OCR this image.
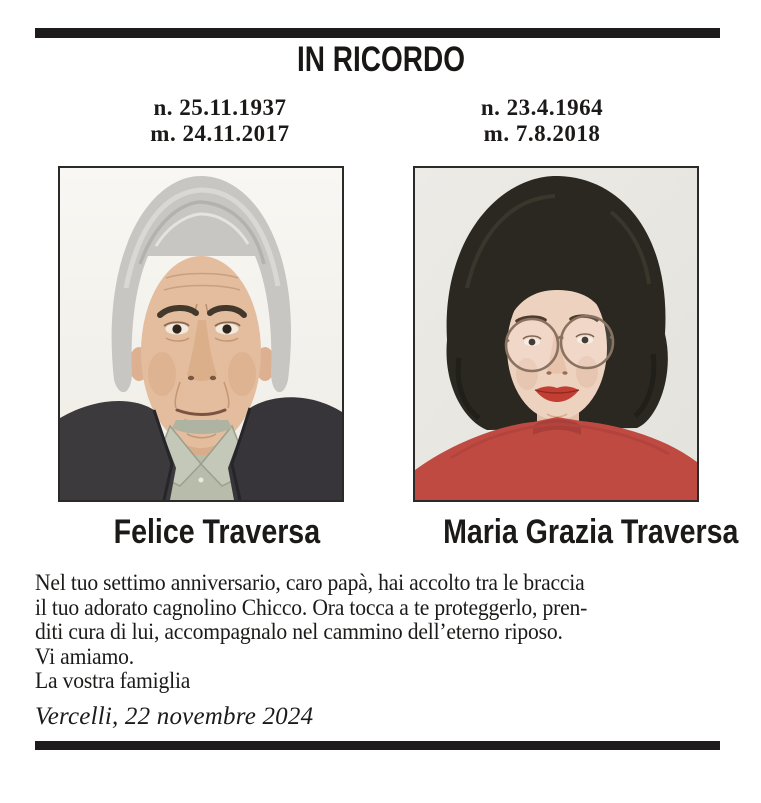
IN RICORDO
n. 25.11.1937
m. 24.11.2017
n. 23.4.1964
m. 7.8.2018
Felice Traversa	Maria Grazia Traversa
Nel tuo settimo anniversario, caro papà, hai accolto tra le braccia
il tuo adorato cagnolino Chicco. Ora tocca a te proteggerlo, pren-
diti cura di lui, accompagnalo nel cammino dell’eterno riposo.
Vi amiamo.
La vostra famiglia
Vercelli, 22 novembre 2024
